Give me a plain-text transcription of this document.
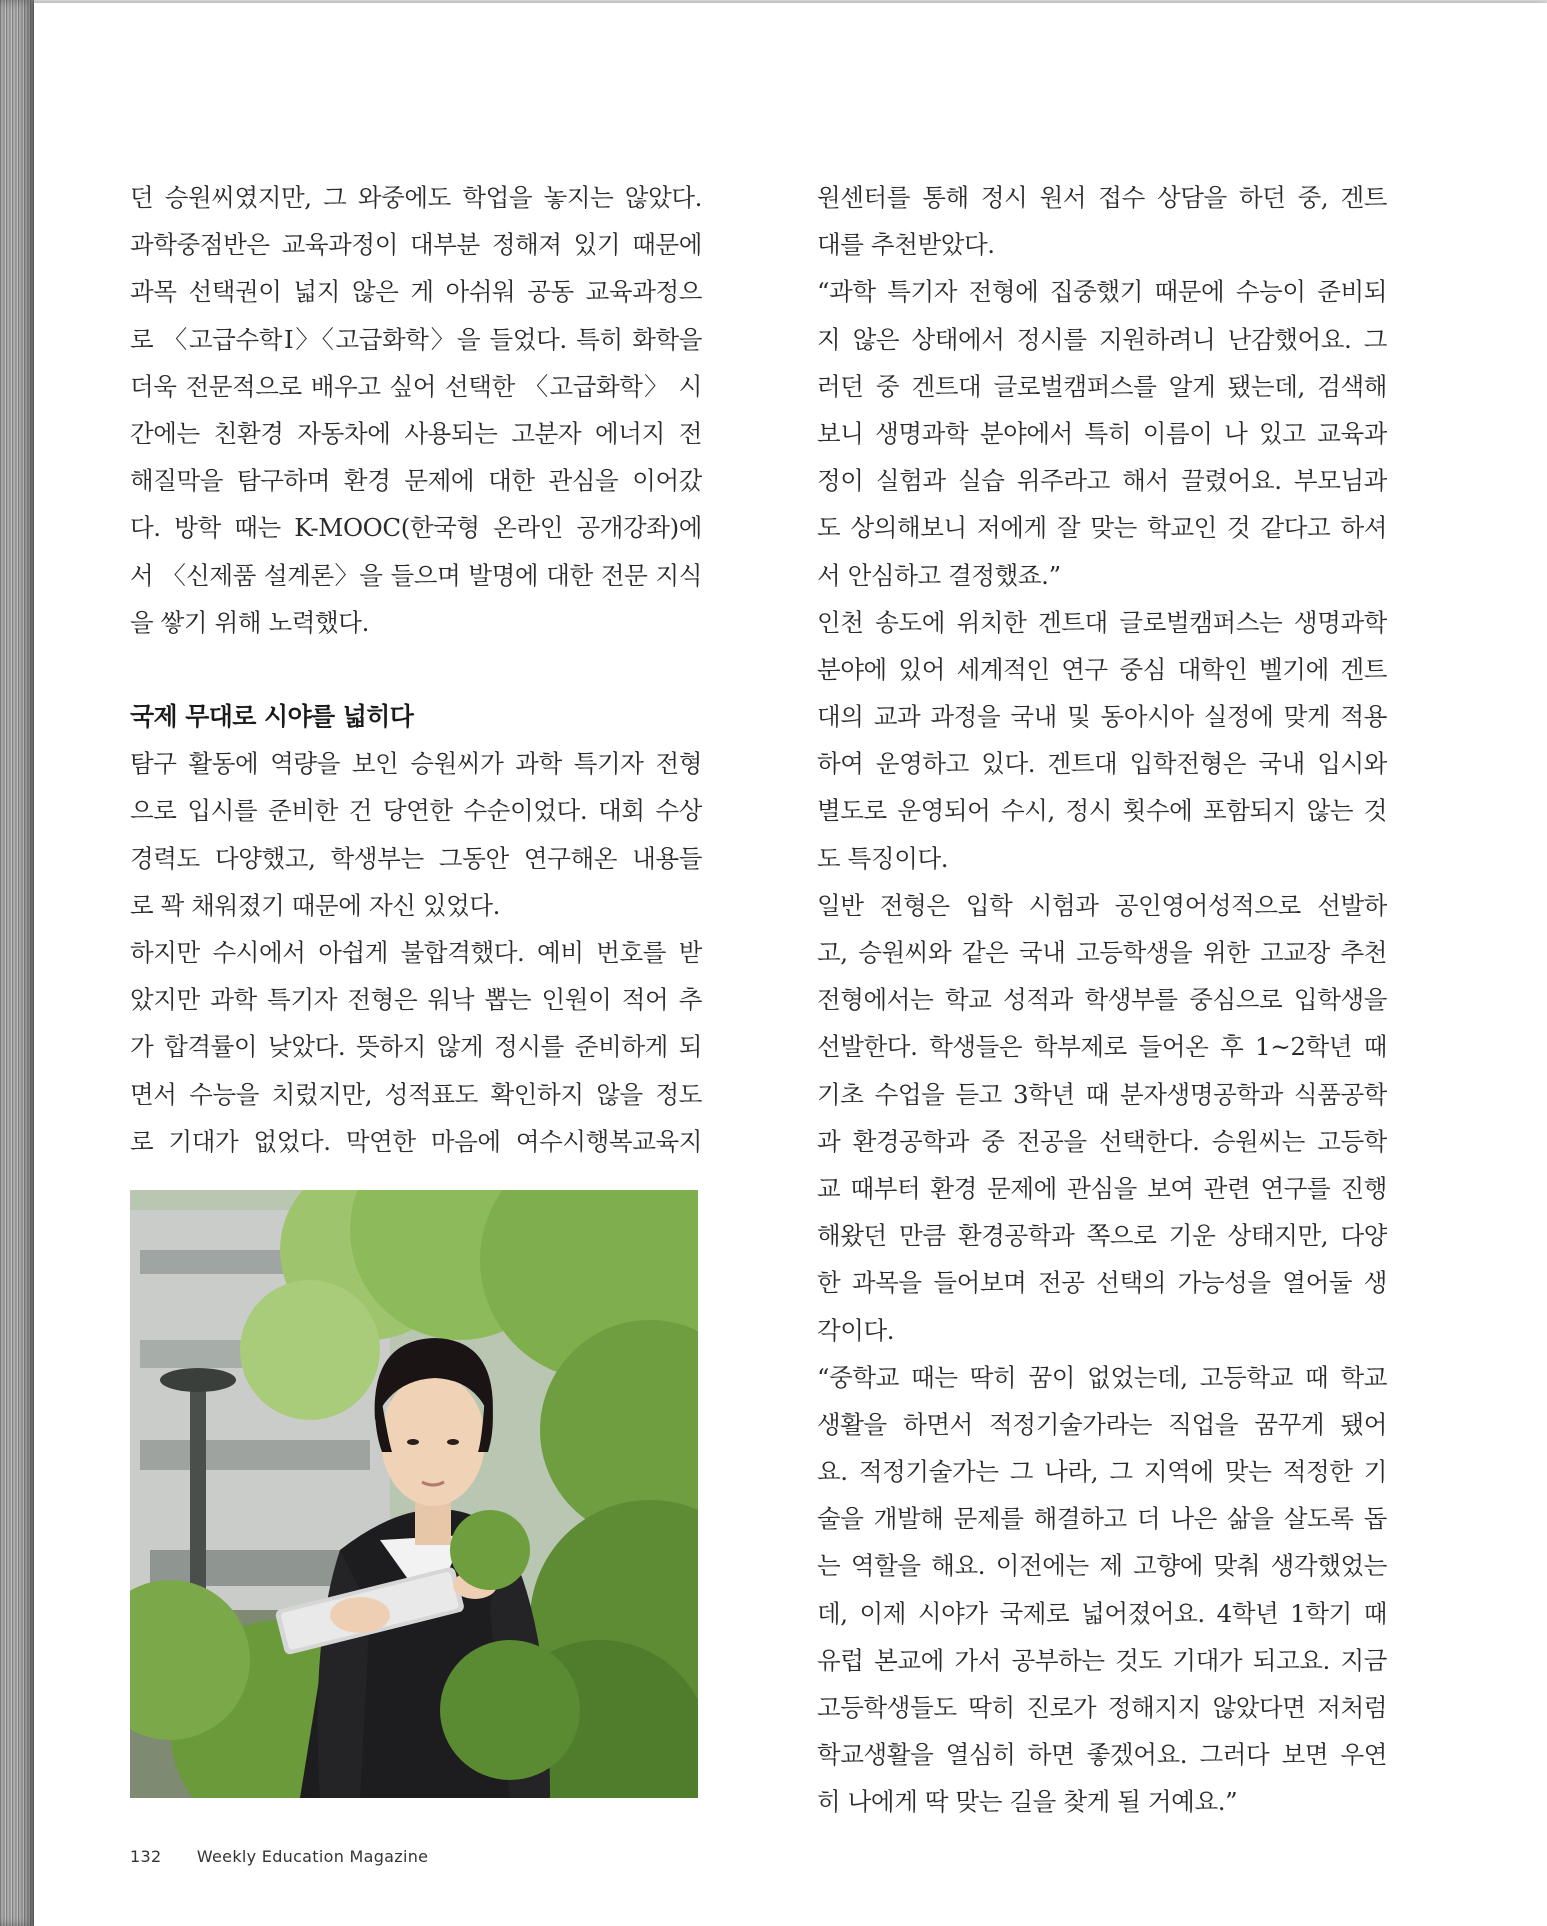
던 승원씨였지만, 그 와중에도 학업을 놓지는 않았다.
과학중점반은 교육과정이 대부분 정해져 있기 때문에
과목 선택권이 넓지 않은 게 아쉬워 공동 교육과정으
로 〈고급수학Ⅰ〉〈고급화학〉을 들었다. 특히 화학을
더욱 전문적으로 배우고 싶어 선택한 〈고급화학〉 시
간에는 친환경 자동차에 사용되는 고분자 에너지 전
해질막을 탐구하며 환경 문제에 대한 관심을 이어갔
다. 방학 때는 K-MOOC(한국형 온라인 공개강좌)에
서 〈신제품 설계론〉을 들으며 발명에 대한 전문 지식
을 쌓기 위해 노력했다.
국제 무대로 시야를 넓히다
탐구 활동에 역량을 보인 승원씨가 과학 특기자 전형
으로 입시를 준비한 건 당연한 수순이었다. 대회 수상
경력도 다양했고, 학생부는 그동안 연구해온 내용들
로 꽉 채워졌기 때문에 자신 있었다.
하지만 수시에서 아쉽게 불합격했다. 예비 번호를 받
았지만 과학 특기자 전형은 워낙 뽑는 인원이 적어 추
가 합격률이 낮았다. 뜻하지 않게 정시를 준비하게 되
면서 수능을 치렀지만, 성적표도 확인하지 않을 정도
로 기대가 없었다. 막연한 마음에 여수시행복교육지
원센터를 통해 정시 원서 접수 상담을 하던 중, 겐트
대를 추천받았다.
“과학 특기자 전형에 집중했기 때문에 수능이 준비되
지 않은 상태에서 정시를 지원하려니 난감했어요. 그
러던 중 겐트대 글로벌캠퍼스를 알게 됐는데, 검색해
보니 생명과학 분야에서 특히 이름이 나 있고 교육과
정이 실험과 실습 위주라고 해서 끌렸어요. 부모님과
도 상의해보니 저에게 잘 맞는 학교인 것 같다고 하셔
서 안심하고 결정했죠.”
인천 송도에 위치한 겐트대 글로벌캠퍼스는 생명과학
분야에 있어 세계적인 연구 중심 대학인 벨기에 겐트
대의 교과 과정을 국내 및 동아시아 실정에 맞게 적용
하여 운영하고 있다. 겐트대 입학전형은 국내 입시와
별도로 운영되어 수시, 정시 횟수에 포함되지 않는 것
도 특징이다.
일반 전형은 입학 시험과 공인영어성적으로 선발하
고, 승원씨와 같은 국내 고등학생을 위한 고교장 추천
전형에서는 학교 성적과 학생부를 중심으로 입학생을
선발한다. 학생들은 학부제로 들어온 후 1~2학년 때
기초 수업을 듣고 3학년 때 분자생명공학과 식품공학
과 환경공학과 중 전공을 선택한다. 승원씨는 고등학
교 때부터 환경 문제에 관심을 보여 관련 연구를 진행
해왔던 만큼 환경공학과 쪽으로 기운 상태지만, 다양
한 과목을 들어보며 전공 선택의 가능성을 열어둘 생
각이다.
“중학교 때는 딱히 꿈이 없었는데, 고등학교 때 학교
생활을 하면서 적정기술가라는 직업을 꿈꾸게 됐어
요. 적정기술가는 그 나라, 그 지역에 맞는 적정한 기
술을 개발해 문제를 해결하고 더 나은 삶을 살도록 돕
는 역할을 해요. 이전에는 제 고향에 맞춰 생각했었는
데, 이제 시야가 국제로 넓어졌어요. 4학년 1학기 때
유럽 본교에 가서 공부하는 것도 기대가 되고요. 지금
고등학생들도 딱히 진로가 정해지지 않았다면 저처럼
학교생활을 열심히 하면 좋겠어요. 그러다 보면 우연
히 나에게 딱 맞는 길을 찾게 될 거예요.”
132 Weekly Education Magazine
